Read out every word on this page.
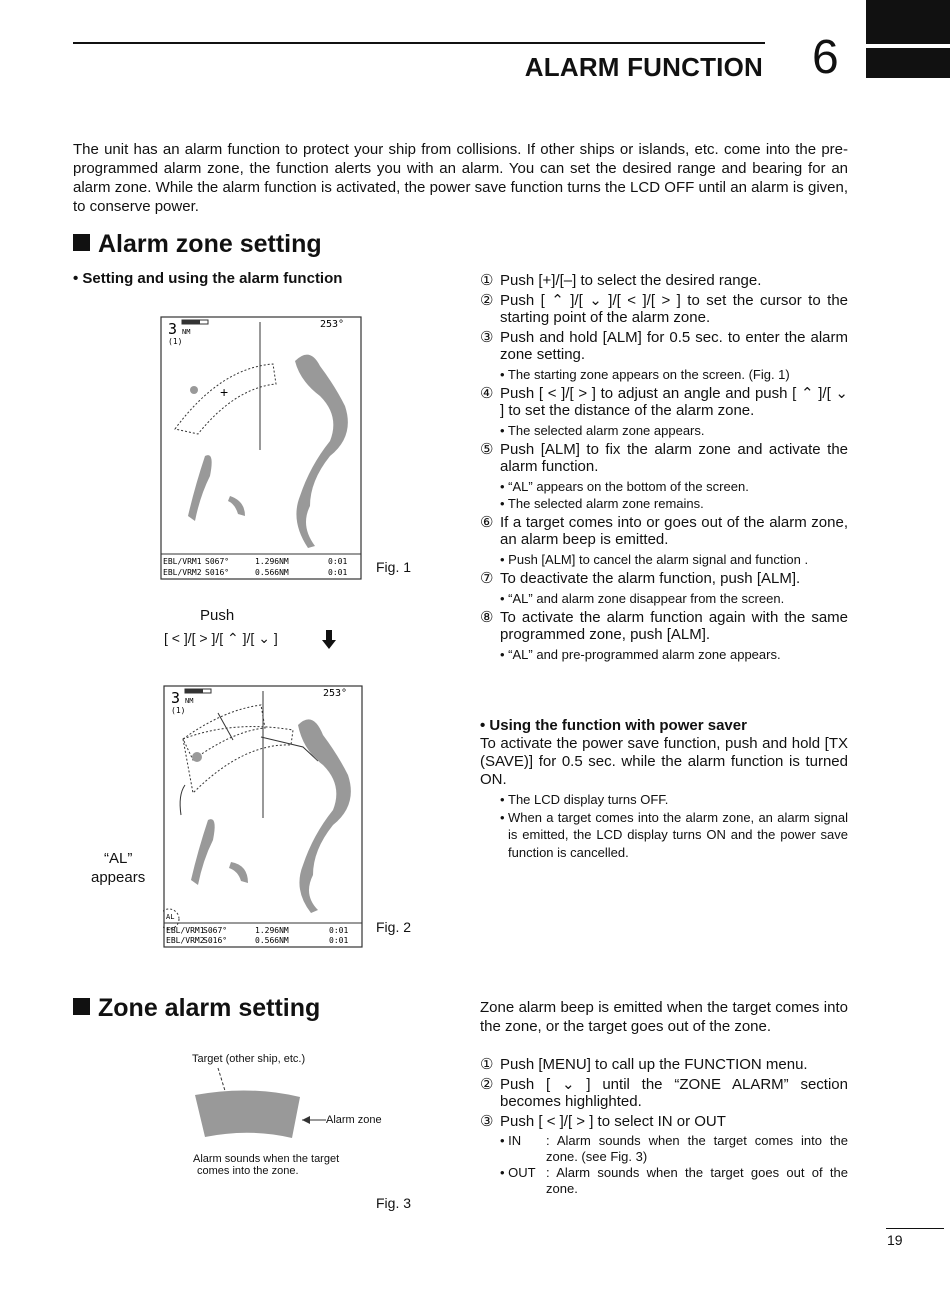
ALARM FUNCTION 6
The unit has an alarm function to protect your ship from collisions. If other ships or islands, etc. come into the pre-programmed alarm zone, the function alerts you with an alarm. You can set the desired range and bearing for an alarm zone. While the alarm function is activated, the power save function turns the LCD OFF until an alarm is given, to conserve power.
Alarm zone setting
• Setting and using the alarm function
3 NM
(1)
253°
+
EBL/VRM1 S067°	1.296NM	0:01
EBL/VRM2 S016°	0.566NM	0:01 Fig. 1
Push
[ < ]/[ > ]/[ ⌃ ]/[ ⌄ ]
3 NM
(1)
253°
AL
EBL/VRM1
S067°	1.296NM	0:01
EBL/VRM2
S016°	0.566NM	0:01
“AL”
appears
Fig. 2
① Push [+]/[–] to select the desired range.
② Push [ ⌃ ]/[ ⌄ ]/[ < ]/[ > ] to set the cursor to the starting point of the alarm zone.
③ Push and hold [ALM] for 0.5 sec. to enter the alarm zone setting.
• The starting zone appears on the screen. (Fig. 1)
④ Push [ < ]/[ > ] to adjust an angle and push [ ⌃ ]/[ ⌄ ] to set the distance of the alarm zone.
• The selected alarm zone appears.
⑤ Push [ALM] to fix the alarm zone and activate the alarm function.
• “AL” appears on the bottom of the screen.
• The selected alarm zone remains.
⑥ If a target comes into or goes out of the alarm zone, an alarm beep is emitted.
• Push [ALM] to cancel the alarm signal and function .
⑦ To deactivate the alarm function, push [ALM].
• “AL” and alarm zone disappear from the screen.
⑧ To activate the alarm function again with the same programmed zone, push [ALM].
• “AL” and pre-programmed alarm zone appears.
• Using the function with power saver
To activate the power save function, push and hold [TX (SAVE)] for 0.5 sec. while the alarm function is turned ON.
• The LCD display turns OFF.
• When a target comes into the alarm zone, an alarm signal is emitted, the LCD display turns ON and the power save function is cancelled.
Zone alarm setting
Target (other ship, etc.)
Alarm zone
Alarm sounds when the target
comes into the zone.
Fig. 3
Zone alarm beep is emitted when the target comes into the zone, or the target goes out of the zone.
① Push [MENU] to call up the FUNCTION menu.
② Push [ ⌄ ] until the “ZONE ALARM” section becomes highlighted.
③ Push [ < ]/[ > ] to select IN or OUT
• IN	: Alarm sounds when the target comes into the zone. (see Fig. 3)
• OUT : Alarm sounds when the target goes out of the zone.
19
